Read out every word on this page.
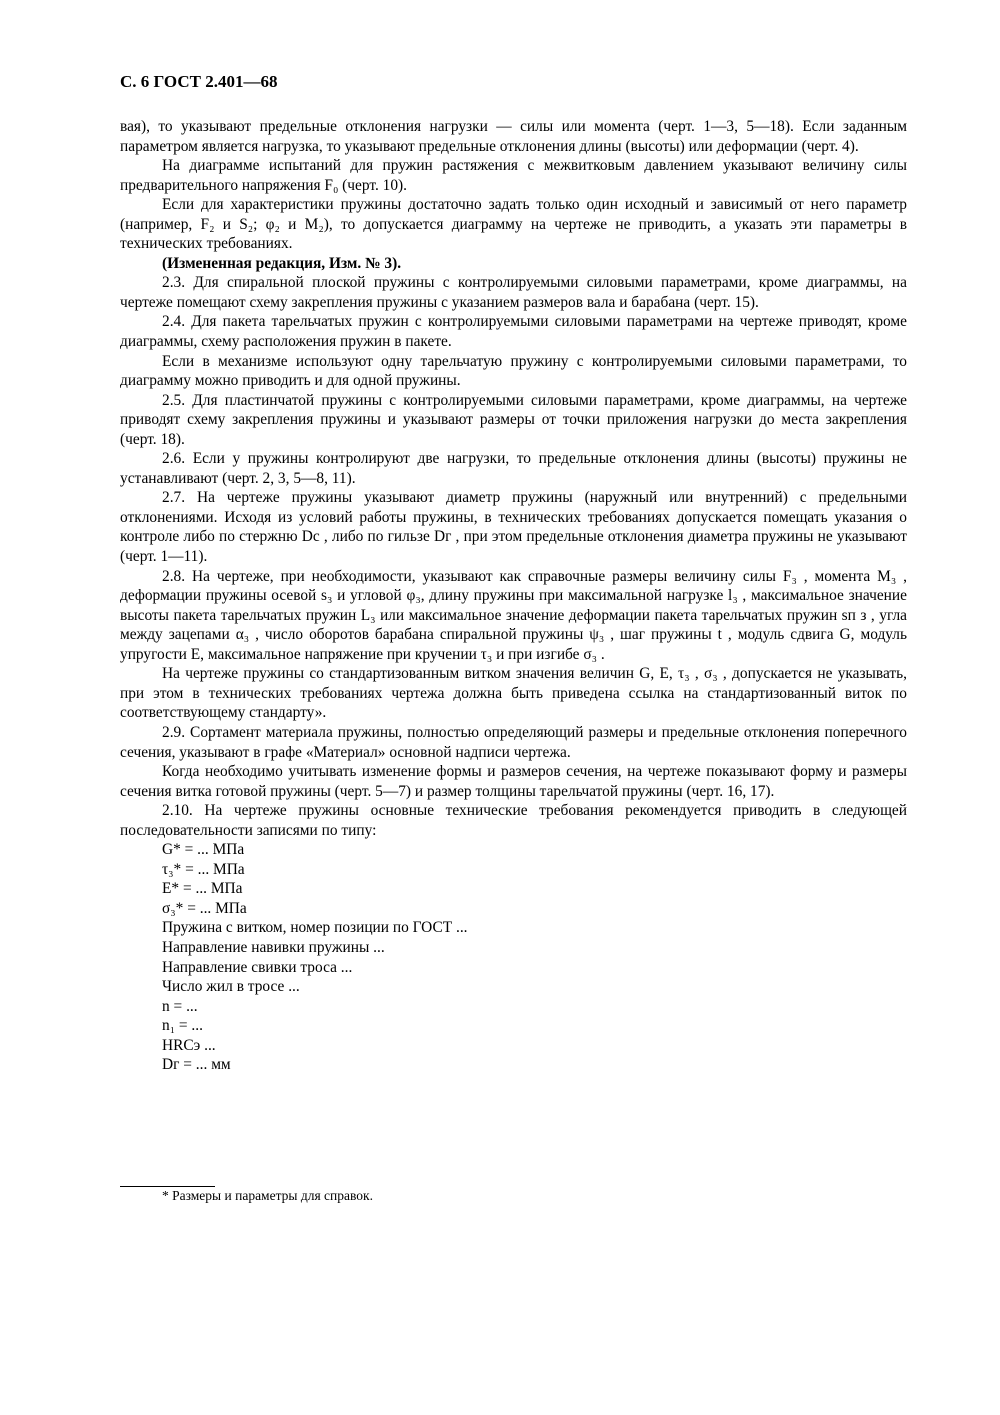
С. 6 ГОСТ 2.401—68

вая), то указывают предельные отклонения нагрузки — силы или момента (черт. 1—3, 5—18). Если заданным параметром является нагрузка, то указывают предельные отклонения длины (высоты) или деформации (черт. 4).

На диаграмме испытаний для пружин растяжения с межвитковым давлением указывают величину силы предварительного напряжения F₀ (черт. 10).

Если для характеристики пружины достаточно задать только один исходный и зависимый от него параметр (например, F₂ и S₂; φ₂ и M₂), то допускается диаграмму на чертеже не приводить, а указать эти параметры в технических требованиях.

(Измененная редакция, Изм. № 3).

2.3. Для спиральной плоской пружины с контролируемыми силовыми параметрами, кроме диаграммы, на чертеже помещают схему закрепления пружины с указанием размеров вала и барабана (черт. 15).

2.4. Для пакета тарельчатых пружин с контролируемыми силовыми параметрами на чертеже приводят, кроме диаграммы, схему расположения пружин в пакете.

Если в механизме используют одну тарельчатую пружину с контролируемыми силовыми параметрами, то диаграмму можно приводить и для одной пружины.

2.5. Для пластинчатой пружины с контролируемыми силовыми параметрами, кроме диаграммы, на чертеже приводят схему закрепления пружины и указывают размеры от точки приложения нагрузки до места закрепления (черт. 18).

2.6. Если у пружины контролируют две нагрузки, то предельные отклонения длины (высоты) пружины не устанавливают (черт. 2, 3, 5—8, 11).

2.7. На чертеже пружины указывают диаметр пружины (наружный или внутренний) с предельными отклонениями. Исходя из условий работы пружины, в технических требованиях допускается помещать указания о контроле либо по стержню Dc , либо по гильзе Dг , при этом предельные отклонения диаметра пружины не указывают (черт. 1—11).

2.8. На чертеже, при необходимости, указывают как справочные размеры величину силы F₃ , момента M₃ , деформации пружины осевой s₃ и угловой φ₃, длину пружины при максимальной нагрузке l₃ , максимальное значение высоты пакета тарельчатых пружин L₃ или максимальное значение деформации пакета тарельчатых пружин sп з , угла между зацепами α₃ , число оборотов барабана спиральной пружины ψ₃ , шаг пружины t , модуль сдвига G, модуль упругости E, максимальное напряжение при кручении τ₃ и при изгибе σ₃ .

На чертеже пружины со стандартизованным витком значения величин G, E, τ₃ , σ₃ , допускается не указывать, при этом в технических требованиях чертежа должна быть приведена ссылка на стандартизованный виток по соответствующему стандарту».

2.9. Сортамент материала пружины, полностью определяющий размеры и предельные отклонения поперечного сечения, указывают в графе «Материал» основной надписи чертежа.

Когда необходимо учитывать изменение формы и размеров сечения, на чертеже показывают форму и размеры сечения витка готовой пружины (черт. 5—7) и размер толщины тарельчатой пружины (черт. 16, 17).

2.10. На чертеже пружины основные технические требования рекомендуется приводить в следующей последовательности записями по типу:

G* = ... МПа
τ₃* = ... МПа
E* = ... МПа
σ₃* = ... МПа
Пружина с витком, номер позиции по ГОСТ ...
Направление навивки пружины ...
Направление свивки троса ...
Число жил в тросе ...
n = ...
n₁ = ...
HRCэ ...
Dг = ... мм
* Размеры и параметры для справок.
